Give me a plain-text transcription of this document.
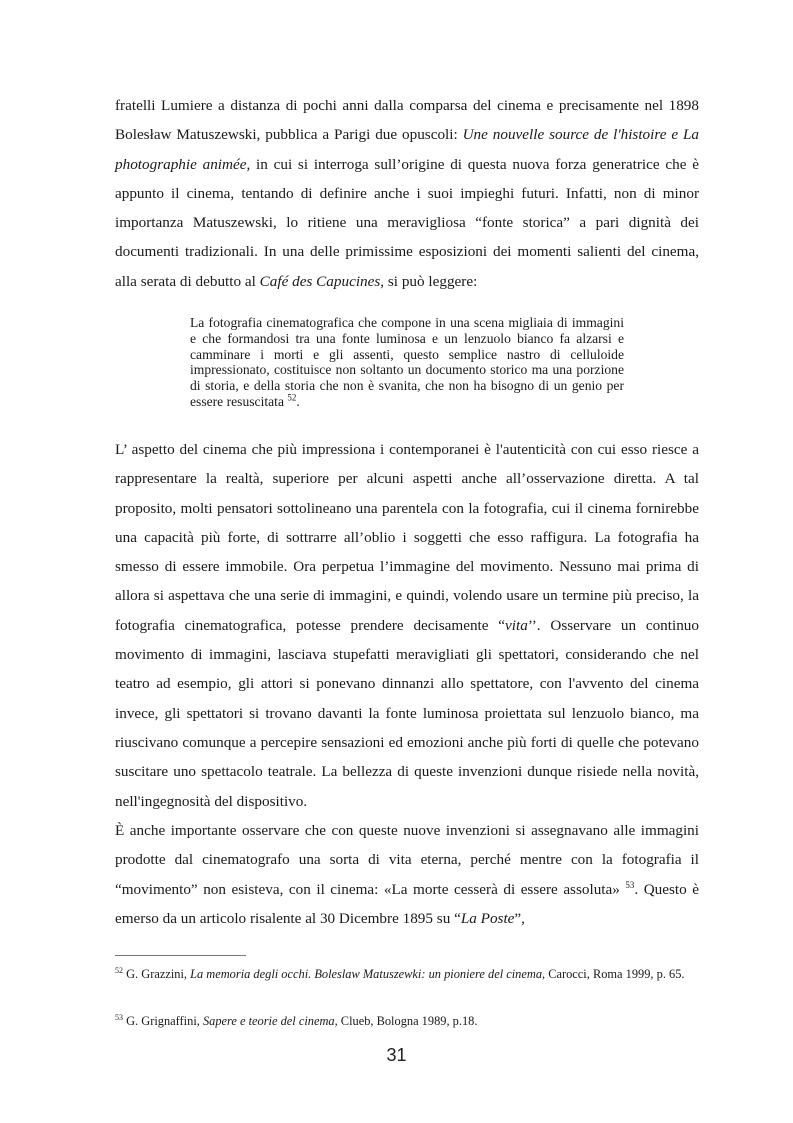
fratelli Lumiere a distanza di pochi anni dalla comparsa del cinema e precisamente nel 1898 Bolesław Matuszewski, pubblica a Parigi due opuscoli: Une nouvelle source de l'histoire e La photographie animée, in cui si interroga sull’origine di questa nuova forza generatrice che è appunto il cinema, tentando di definire anche i suoi impieghi futuri. Infatti, non di minor importanza Matuszewski, lo ritiene una meravigliosa “fonte storica” a pari dignità dei documenti tradizionali. In una delle primissime esposizioni dei momenti salienti del cinema, alla serata di debutto al Café des Capucines, si può leggere:

La fotografia cinematografica che compone in una scena migliaia di immagini e che formandosi tra una fonte luminosa e un lenzuolo bianco fa alzarsi e camminare i morti e gli assenti, questo semplice nastro di celluloide impressionato, costituisce non soltanto un documento storico ma una porzione di storia, e della storia che non è svanita, che non ha bisogno di un genio per essere resuscitata $^{52}$.

L’ aspetto del cinema che più impressiona i contemporanei è l'autenticità con cui esso riesce a rappresentare la realtà, superiore per alcuni aspetti anche all’osservazione diretta. A tal proposito, molti pensatori sottolineano una parentela con la fotografia, cui il cinema fornirebbe una capacità più forte, di sottrarre all’oblio i soggetti che esso raffigura. La fotografia ha smesso di essere immobile. Ora perpetua l’immagine del movimento. Nessuno mai prima di allora si aspettava che una serie di immagini, e quindi, volendo usare un termine più preciso, la fotografia cinematografica, potesse prendere decisamente “vita’’. Osservare un continuo movimento di immagini, lasciava stupefatti meravigliati gli spettatori, considerando che nel teatro ad esempio, gli attori si ponevano dinnanzi allo spettatore, con l'avvento del cinema invece, gli spettatori si trovano davanti la fonte luminosa proiettata sul lenzuolo bianco, ma riuscivano comunque a percepire sensazioni ed emozioni anche più forti di quelle che potevano suscitare uno spettacolo teatrale. La bellezza di queste invenzioni dunque risiede nella novità, nell'ingegnosità del dispositivo.

È anche importante osservare che con queste nuove invenzioni si assegnavano alle immagini prodotte dal cinematografo una sorta di vita eterna, perché mentre con la fotografia il “movimento” non esisteva, con il cinema: «La morte cesserà di essere assoluta» $^{53}$. Questo è emerso da un articolo risalente al 30 Dicembre 1895 su “La Poste”,

$^{52}$ G. Grazzini, La memoria degli occhi. Boleslaw Matuszewki: un pioniere del cinema, Carocci, Roma 1999, p. 65.

$^{53}$ G. Grignaffini, Sapere e teorie del cinema, Clueb, Bologna 1989, p.18.

31
